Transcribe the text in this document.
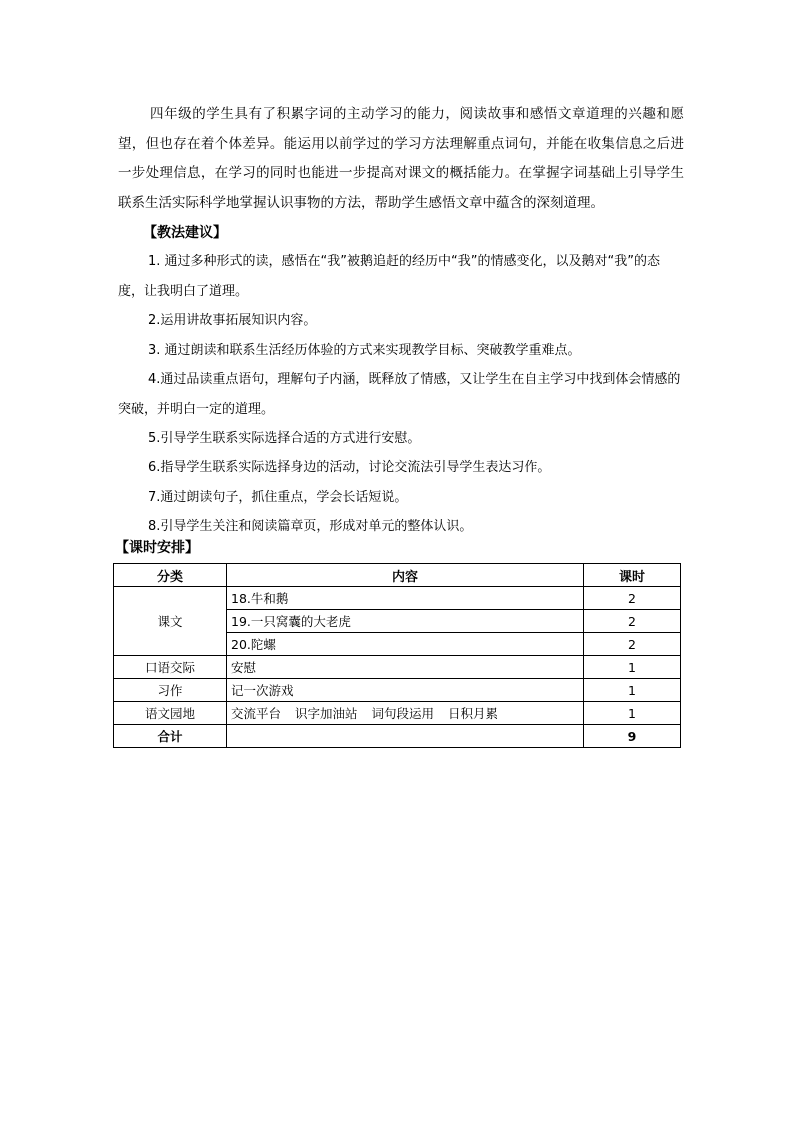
四年级的学生具有了积累字词的主动学习的能力，阅读故事和感悟文章道理的兴趣和愿望，但也存在着个体差异。能运用以前学过的学习方法理解重点词句，并能在收集信息之后进一步处理信息，在学习的同时也能进一步提高对课文的概括能力。在掌握字词基础上引导学生联系生活实际科学地掌握认识事物的方法，帮助学生感悟文章中蕴含的深刻道理。

【教法建议】

1. 通过多种形式的读，感悟在“我”被鹅追赶的经历中“我”的情感变化，以及鹅对“我”的态度，让我明白了道理。

2.运用讲故事拓展知识内容。

3. 通过朗读和联系生活经历体验的方式来实现教学目标、突破教学重难点。

4.通过品读重点语句，理解句子内涵，既释放了情感，又让学生在自主学习中找到体会情感的突破，并明白一定的道理。

5.引导学生联系实际选择合适的方式进行安慰。

6.指导学生联系实际选择身边的活动，讨论交流法引导学生表达习作。

7.通过朗读句子，抓住重点，学会长话短说。

8.引导学生关注和阅读篇章页，形成对单元的整体认识。

【课时安排】
分类	内容	课时
课文	18.牛和鹅	2
	19.一只窝囊的大老虎	2
	20.陀螺	2
口语交际	安慰	1
习作	记一次游戏	1
语文园地	交流平台 识字加油站 词句段运用 日积月累	1
合计		9
